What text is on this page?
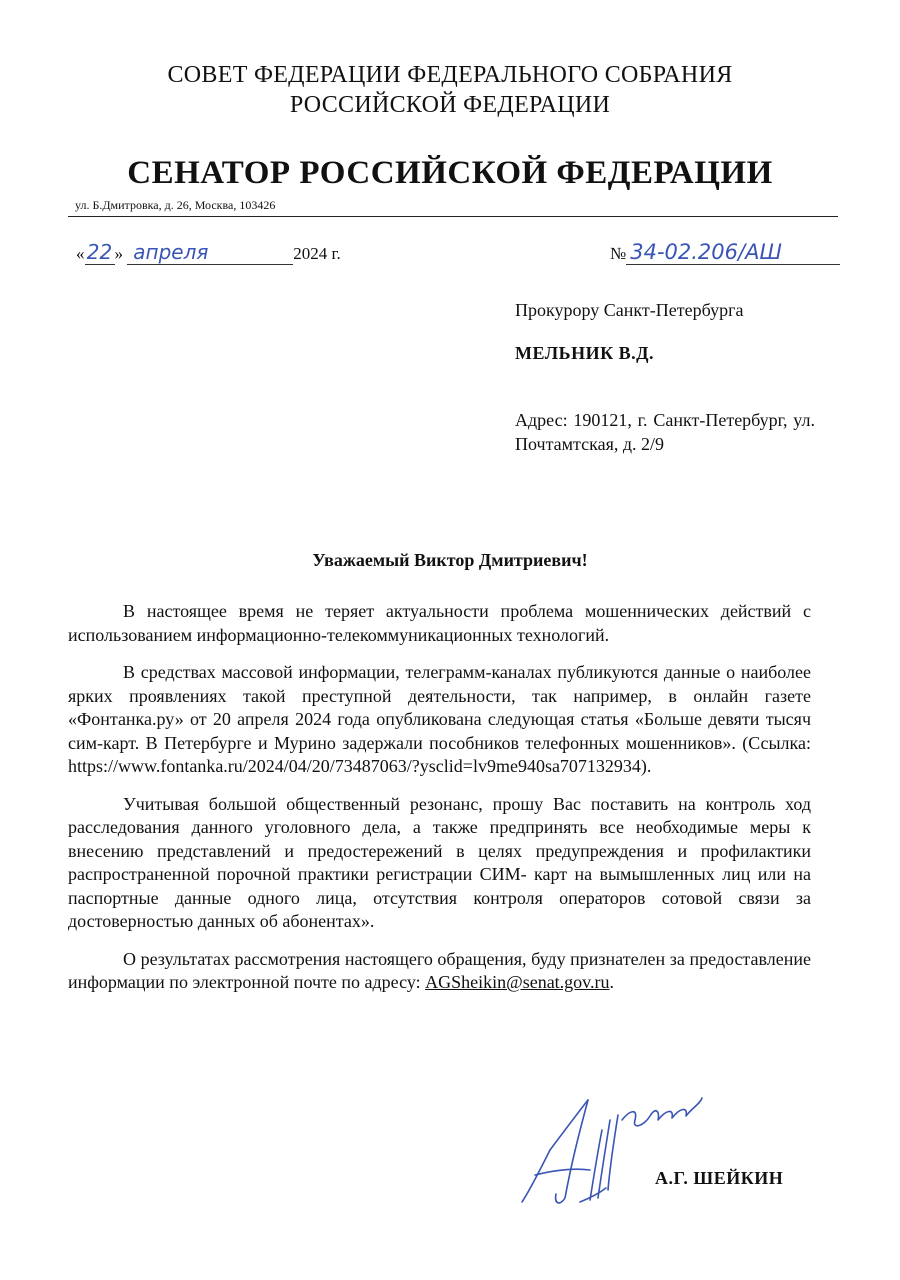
СОВЕТ ФЕДЕРАЦИИ ФЕДЕРАЛЬНОГО СОБРАНИЯ
РОССИЙСКОЙ ФЕДЕРАЦИИ
СЕНАТОР РОССИЙСКОЙ ФЕДЕРАЦИИ
ул. Б.Дмитровка, д. 26, Москва, 103426
« 22 » апреля	2024 г.	№ 34-02.206/АШ
Прокурору Санкт-Петербурга
МЕЛЬНИК В.Д.
Адрес: 190121, г. Санкт-Петербург, ул. Почтамтская, д. 2/9
Уважаемый Виктор Дмитриевич!

В настоящее время не теряет актуальности проблема мошеннических действий с использованием информационно-телекоммуникационных технологий.

В средствах массовой информации, телеграмм-каналах публикуются данные о наиболее ярких проявлениях такой преступной деятельности, так например, в онлайн газете «Фонтанка.ру» от 20 апреля 2024 года опубликована следующая статья «Больше девяти тысяч сим-карт. В Петербурге и Мурино задержали пособников телефонных мошенников». (Ссылка: https://www.fontanka.ru/2024/04/20/73487063/?ysclid=lv9me940sa707132934).

Учитывая большой общественный резонанс, прошу Вас поставить на контроль ход расследования данного уголовного дела, а также предпринять все необходимые меры к внесению представлений и предостережений в целях предупреждения и профилактики распространенной порочной практики регистрации СИМ- карт на вымышленных лиц или на паспортные данные одного лица, отсутствия контроля операторов сотовой связи за достоверностью данных об абонентах».

О результатах рассмотрения настоящего обращения, буду признателен за предоставление информации по электронной почте по адресу: AGSheikin@senat.gov.ru.

А.Г. ШЕЙКИН
